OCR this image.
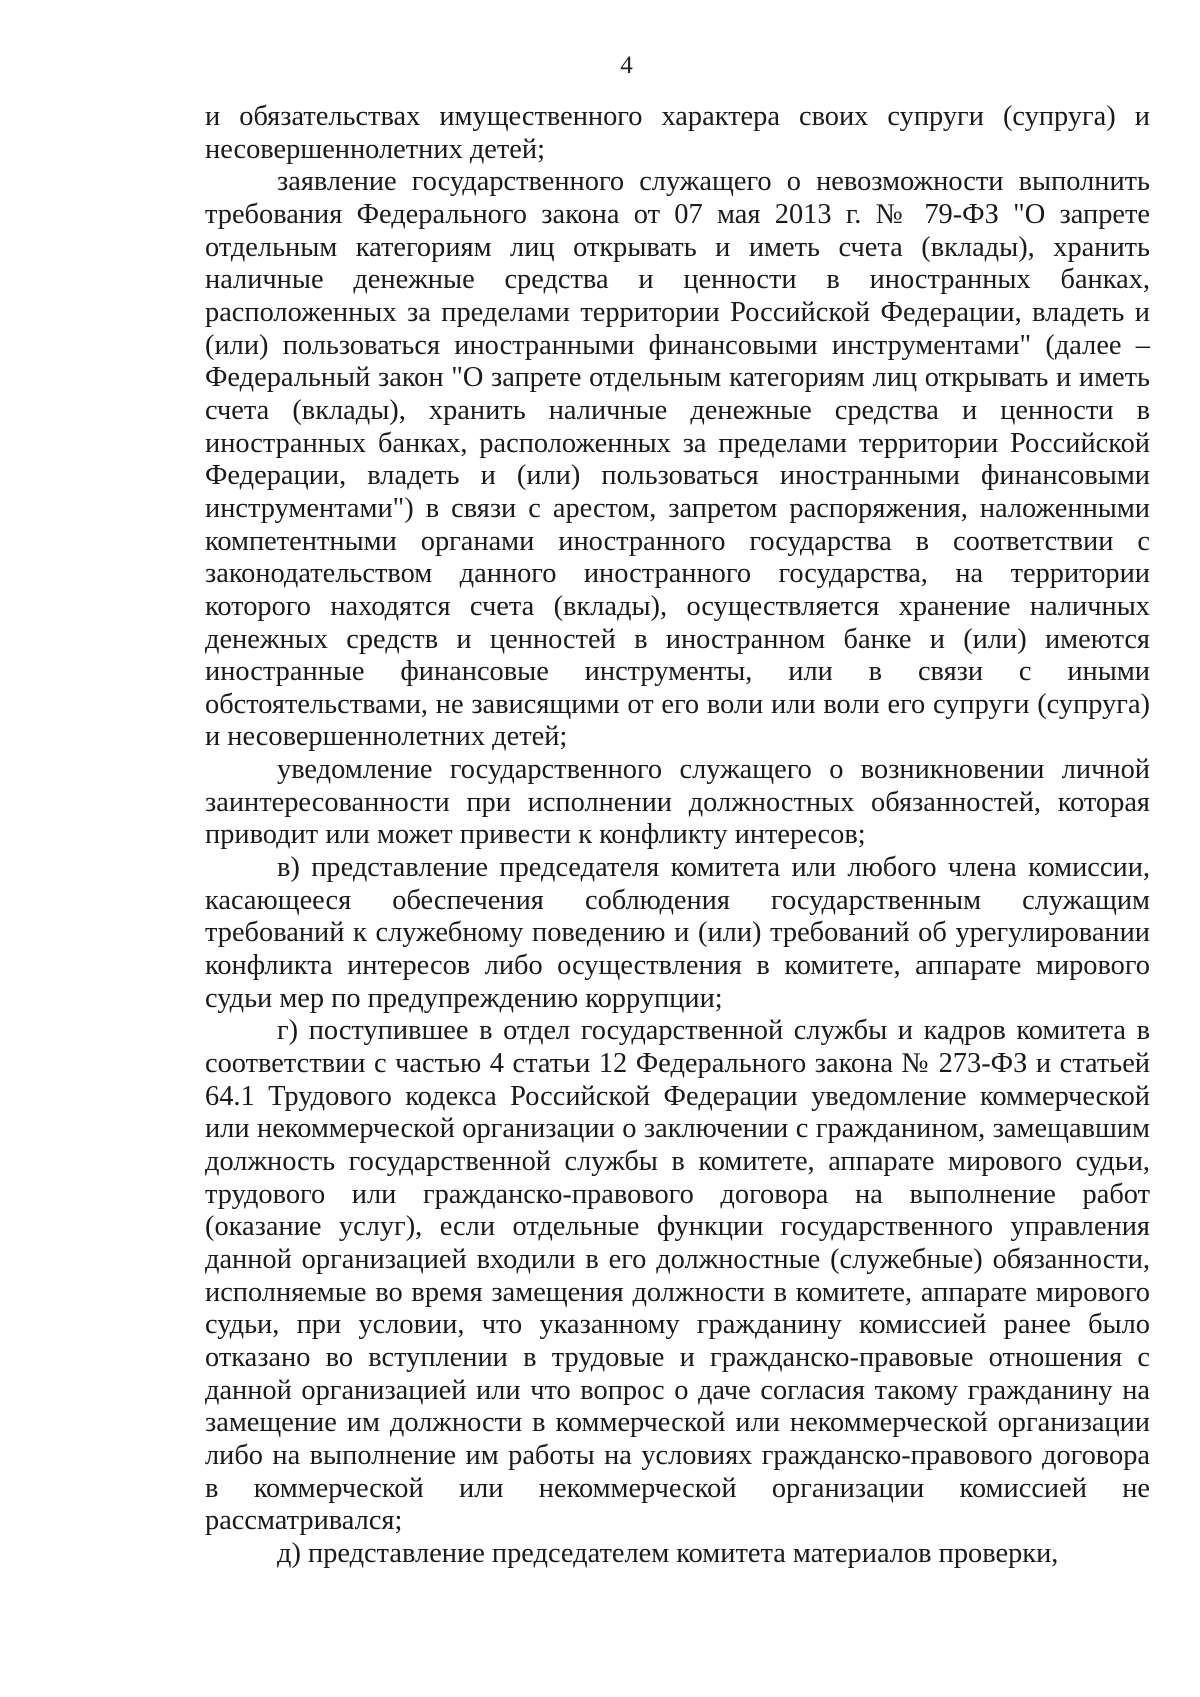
4

и обязательствах имущественного характера своих супруги (супруга) и несовершеннолетних детей;

заявление государственного служащего о невозможности выполнить требования Федерального закона от 07 мая 2013 г. № 79-ФЗ "О запрете отдельным категориям лиц открывать и иметь счета (вклады), хранить наличные денежные средства и ценности в иностранных банках, расположенных за пределами территории Российской Федерации, владеть и (или) пользоваться иностранными финансовыми инструментами" (далее – Федеральный закон "О запрете отдельным категориям лиц открывать и иметь счета (вклады), хранить наличные денежные средства и ценности в иностранных банках, расположенных за пределами территории Российской Федерации, владеть и (или) пользоваться иностранными финансовыми инструментами") в связи с арестом, запретом распоряжения, наложенными компетентными органами иностранного государства в соответствии с законодательством данного иностранного государства, на территории которого находятся счета (вклады), осуществляется хранение наличных денежных средств и ценностей в иностранном банке и (или) имеются иностранные финансовые инструменты, или в связи с иными обстоятельствами, не зависящими от его воли или воли его супруги (супруга) и несовершеннолетних детей;

уведомление государственного служащего о возникновении личной заинтересованности при исполнении должностных обязанностей, которая приводит или может привести к конфликту интересов;

в) представление председателя комитета или любого члена комиссии, касающееся обеспечения соблюдения государственным служащим требований к служебному поведению и (или) требований об урегулировании конфликта интересов либо осуществления в комитете, аппарате мирового судьи мер по предупреждению коррупции;

г) поступившее в отдел государственной службы и кадров комитета в соответствии с частью 4 статьи 12 Федерального закона № 273-ФЗ и статьей 64.1 Трудового кодекса Российской Федерации уведомление коммерческой или некоммерческой организации о заключении с гражданином, замещавшим должность государственной службы в комитете, аппарате мирового судьи, трудового или гражданско-правового договора на выполнение работ (оказание услуг), если отдельные функции государственного управления данной организацией входили в его должностные (служебные) обязанности, исполняемые во время замещения должности в комитете, аппарате мирового судьи, при условии, что указанному гражданину комиссией ранее было отказано во вступлении в трудовые и гражданско-правовые отношения с данной организацией или что вопрос о даче согласия такому гражданину на замещение им должности в коммерческой или некоммерческой организации либо на выполнение им работы на условиях гражданско-правового договора в коммерческой или некоммерческой организации комиссией не рассматривался;

д) представление председателем комитета материалов проверки,
